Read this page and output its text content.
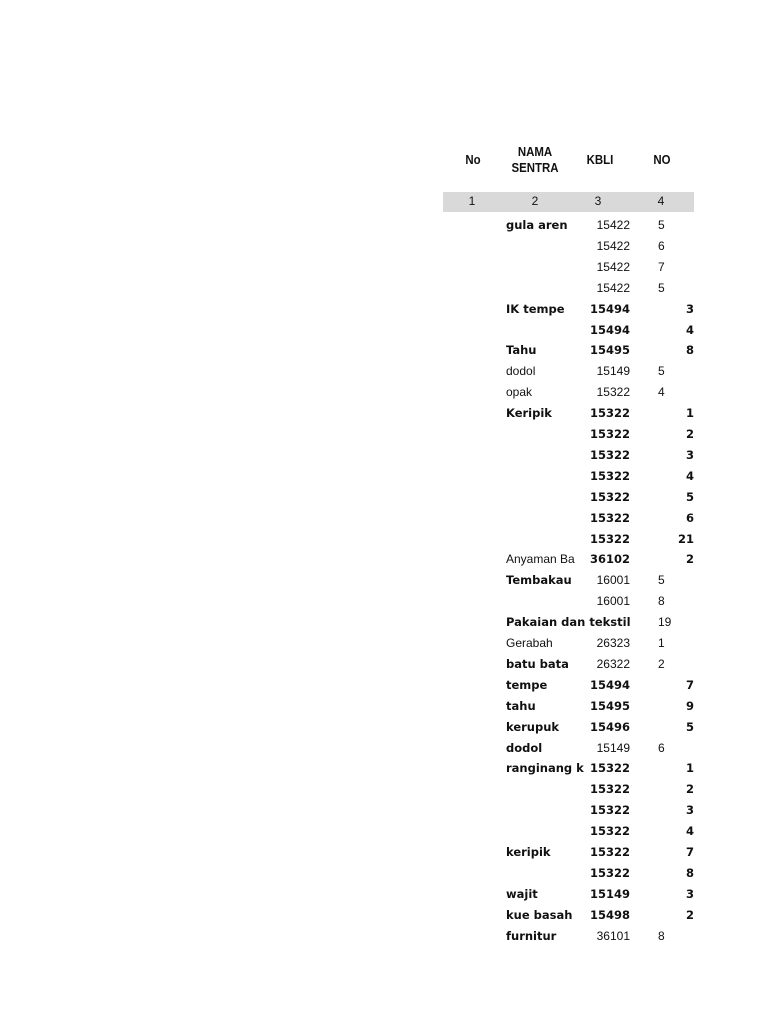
No
NAMA
SENTRA
KBLI	NO
1	2	3	4
gula aren	15422 5
15422 6
15422 7
15422 5
IK tempe	15494	3
15494	4
Tahu	15495	8
dodol	15149 5
opak	15322 4
Keripik	15322	1
15322	2
15322	3
15322	4
15322	5
15322	6
15322	21
Anyaman Ba	36102	2
Tembakau	16001 5
16001 8
Pakaian dan tekstil 19
Gerabah	26323 1
batu bata	26322 2
tempe	15494	7
tahu	15495	9
kerupuk	15496	5
dodol	15149 6
ranginang k 15322	1
15322	2
15322	3
15322	4
keripik	15322	7
15322	8
wajit	15149	3
kue basah	15498	2
furnitur	36101 8
